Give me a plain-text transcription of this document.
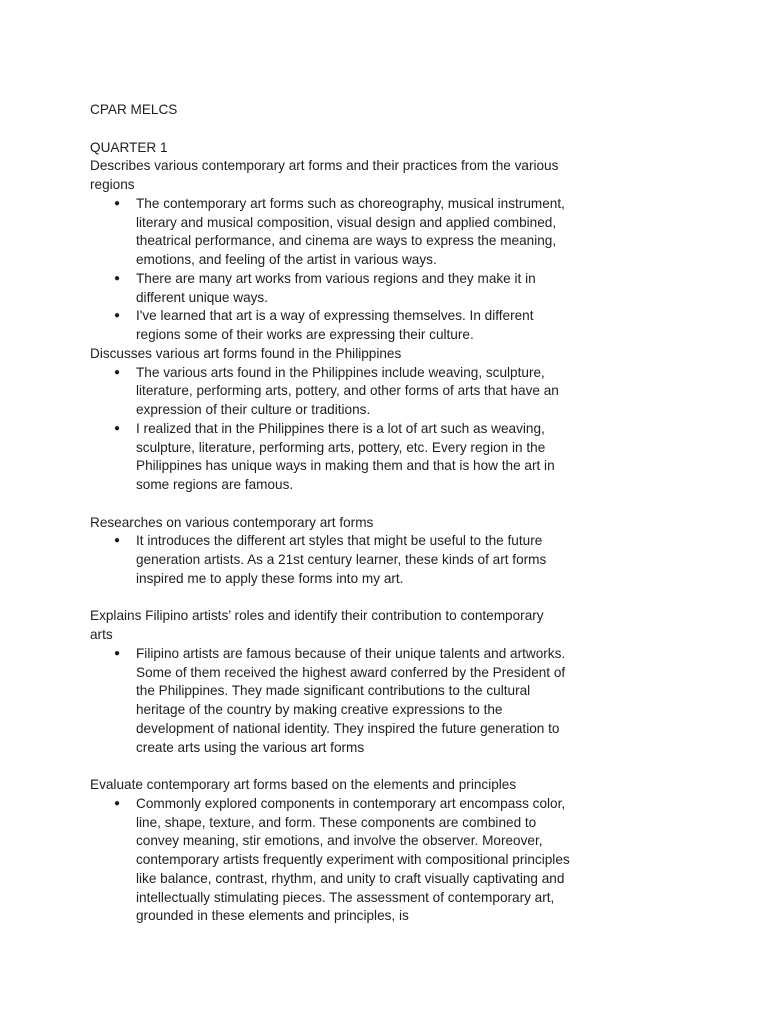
CPAR MELCS

QUARTER 1

Describes various contemporary art forms and their practices from the various regions

● The contemporary art forms such as choreography, musical instrument, literary and musical composition, visual design and applied combined, theatrical performance, and cinema are ways to express the meaning, emotions, and feeling of the artist in various ways.
● There are many art works from various regions and they make it in different unique ways.
● I've learned that art is a way of expressing themselves. In different regions some of their works are expressing their culture.

Discusses various art forms found in the Philippines

● The various arts found in the Philippines include weaving, sculpture, literature, performing arts, pottery, and other forms of arts that have an expression of their culture or traditions.
● I realized that in the Philippines there is a lot of art such as weaving, sculpture, literature, performing arts, pottery, etc. Every region in the Philippines has unique ways in making them and that is how the art in some regions are famous.

Researches on various contemporary art forms

● It introduces the different art styles that might be useful to the future generation artists. As a 21st century learner, these kinds of art forms inspired me to apply these forms into my art.

Explains Filipino artists’ roles and identify their contribution to contemporary arts

● Filipino artists are famous because of their unique talents and artworks. Some of them received the highest award conferred by the President of the Philippines. They made significant contributions to the cultural heritage of the country by making creative expressions to the development of national identity. They inspired the future generation to create arts using the various art forms

Evaluate contemporary art forms based on the elements and principles

● Commonly explored components in contemporary art encompass color, line, shape, texture, and form. These components are combined to convey meaning, stir emotions, and involve the observer. Moreover, contemporary artists frequently experiment with compositional principles like balance, contrast, rhythm, and unity to craft visually captivating and intellectually stimulating pieces. The assessment of contemporary art, grounded in these elements and principles, is
